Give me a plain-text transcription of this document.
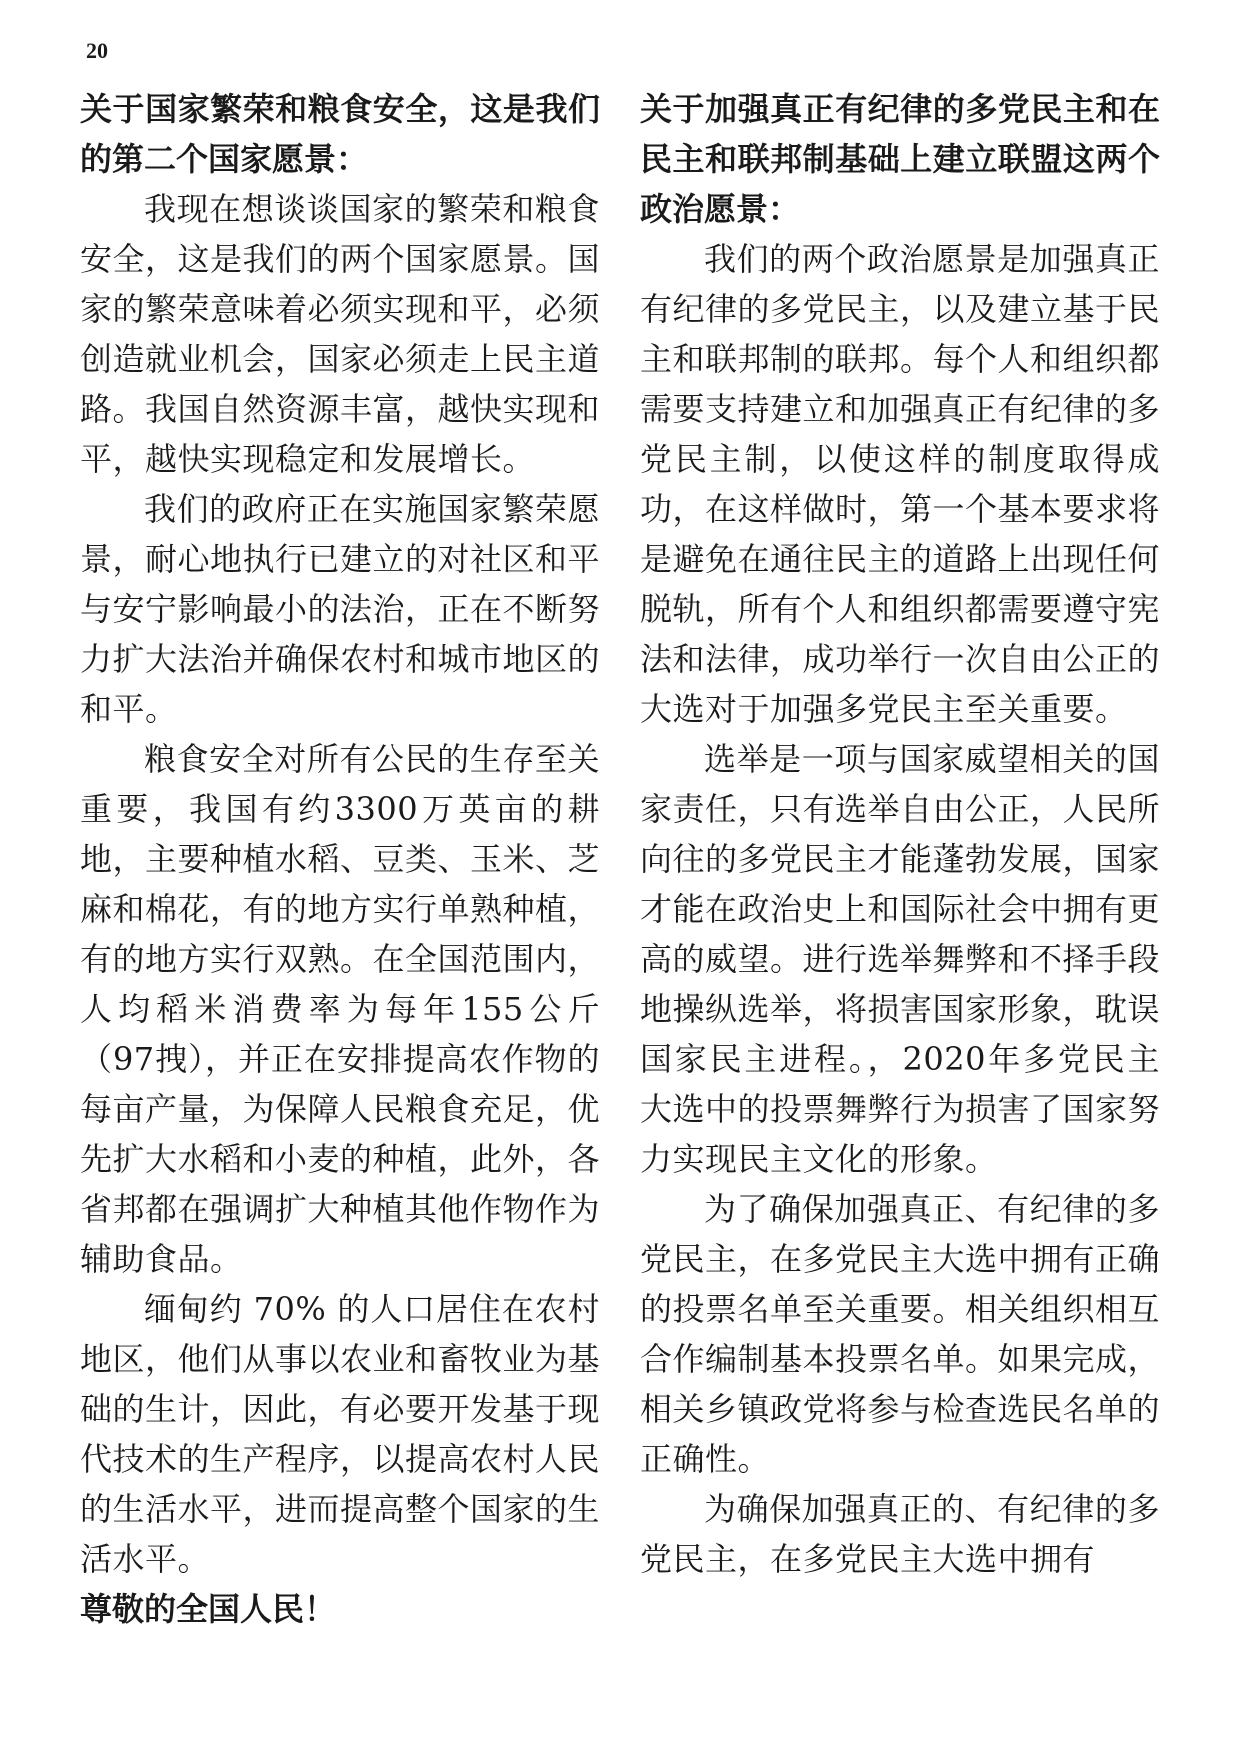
20

关于国家繁荣和粮食安全，这是我们的第二个国家愿景：

我现在想谈谈国家的繁荣和粮食安全，这是我们的两个国家愿景。国家的繁荣意味着必须实现和平，必须创造就业机会，国家必须走上民主道路。我国自然资源丰富，越快实现和平，越快实现稳定和发展增长。

我们的政府正在实施国家繁荣愿景，耐心地执行已建立的对社区和平与安宁影响最小的法治，正在不断努力扩大法治并确保农村和城市地区的和平。

粮食安全对所有公民的生存至关重要，我国有约3300万英亩的耕地，主要种植水稻、豆类、玉米、芝麻和棉花，有的地方实行单熟种植，有的地方实行双熟。在全国范围内，人均稻米消费率为每年155公斤（97拽），并正在安排提高农作物的每亩产量，为保障人民粮食充足，优先扩大水稻和小麦的种植，此外，各省邦都在强调扩大种植其他作物作为辅助食品。

缅甸约 70% 的人口居住在农村地区，他们从事以农业和畜牧业为基础的生计，因此，有必要开发基于现代技术的生产程序，以提高农村人民的生活水平，进而提高整个国家的生活水平。

尊敬的全国人民！

关于加强真正有纪律的多党民主和在民主和联邦制基础上建立联盟这两个政治愿景：

我们的两个政治愿景是加强真正有纪律的多党民主，以及建立基于民主和联邦制的联邦。每个人和组织都需要支持建立和加强真正有纪律的多党民主制，以使这样的制度取得成功，在这样做时，第一个基本要求将是避免在通往民主的道路上出现任何脱轨，所有个人和组织都需要遵守宪法和法律，成功举行一次自由公正的大选对于加强多党民主至关重要。

选举是一项与国家威望相关的国家责任，只有选举自由公正，人民所向往的多党民主才能蓬勃发展，国家才能在政治史上和国际社会中拥有更高的威望。进行选举舞弊和不择手段地操纵选举，将损害国家形象，耽误国家民主进程。，2020年多党民主大选中的投票舞弊行为损害了国家努力实现民主文化的形象。

为了确保加强真正、有纪律的多党民主，在多党民主大选中拥有正确的投票名单至关重要。相关组织相互合作编制基本投票名单。如果完成，相关乡镇政党将参与检查选民名单的正确性。

为确保加强真正的、有纪律的多党民主，在多党民主大选中拥有
